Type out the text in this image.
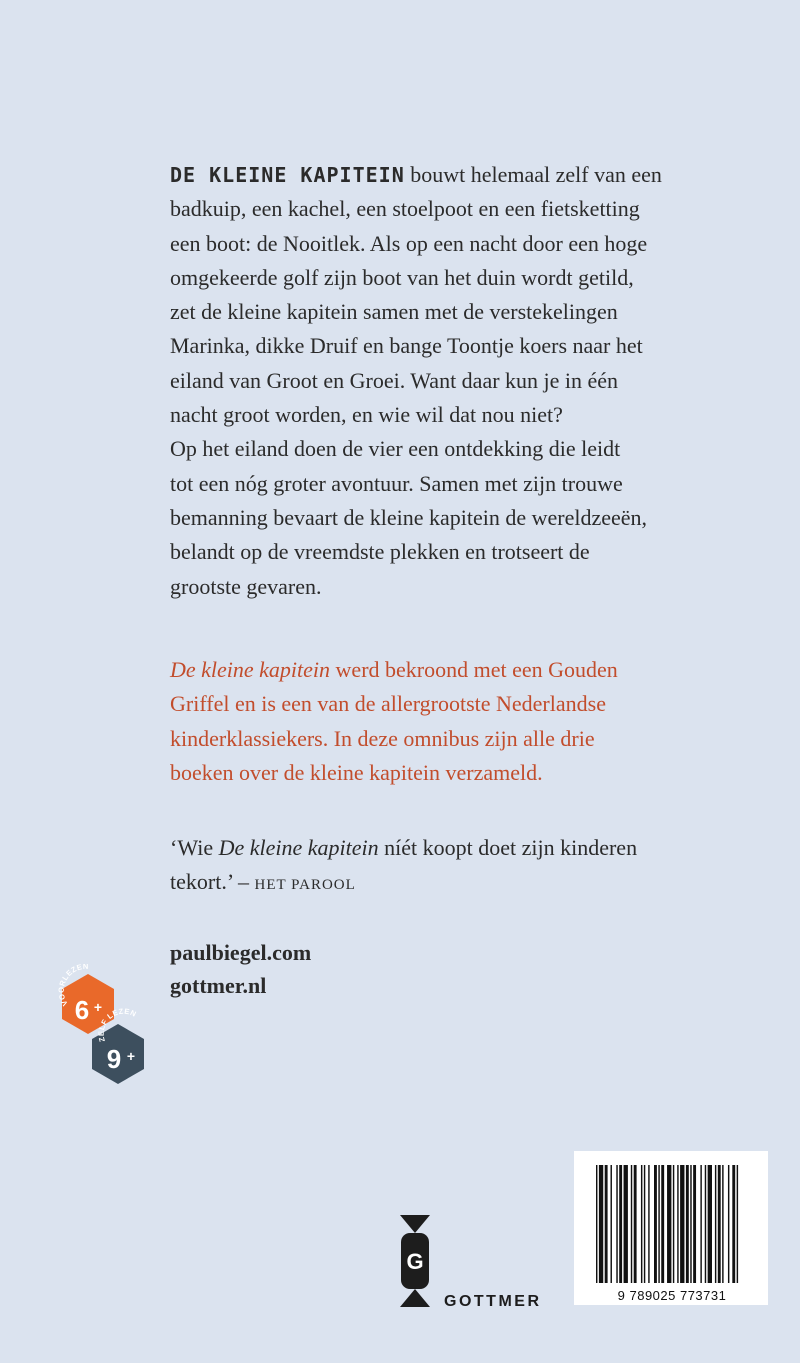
DE KLEINE KAPITEIN bouwt helemaal zelf van een

badkuip, een kachel, een stoelpoot en een fietsketting

een boot: de Nooitlek. Als op een nacht door een hoge

omgekeerde golf zijn boot van het duin wordt getild,

zet de kleine kapitein samen met de verstekelingen

Marinka, dikke Druif en bange Toontje koers naar het

eiland van Groot en Groei. Want daar kun je in één

nacht groot worden, en wie wil dat nou niet?

Op het eiland doen de vier een ontdekking die leidt

tot een nóg groter avontuur. Samen met zijn trouwe

bemanning bevaart de kleine kapitein de wereldzeeën,

belandt op de vreemdste plekken en trotseert de

grootste gevaren.

De kleine kapitein werd bekroond met een Gouden

Griffel en is een van de allergrootste Nederlandse

kinderklassiekers. In deze omnibus zijn alle drie

boeken over de kleine kapitein verzameld.

‘Wie De kleine kapitein níét koopt doet zijn kinderen

tekort.’ – HET PAROOL

paulbiegel.com
gottmer.nl
VOORLEZEN
6 +
ZELF LEZEN
9 +
G
GOTTMER	9 789025 773731
